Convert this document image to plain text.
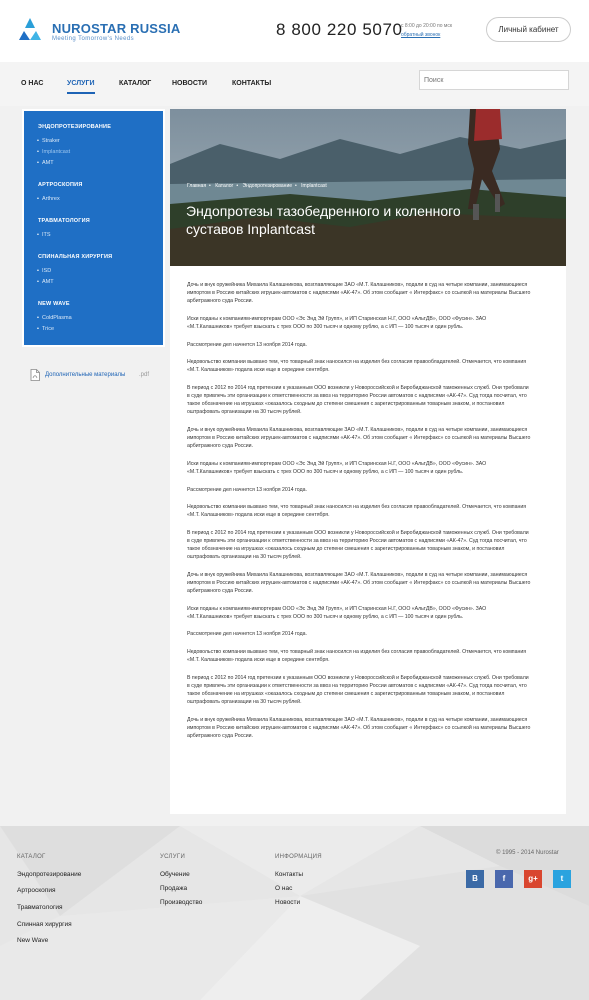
NUROSTAR RUSSIA
Meeting Tomorrow's Needs	8 800 220 5070
с 8:00 до 20:00 по мск
обратный звонок
Личный кабинет
О НАС	УСЛУГИ	КАТАЛОГ	НОВОСТИ	КОНТАКТЫ
Поиск
ЭНДОПРОТЕЗИРОВАНИЕ
• Straker
• Implantcast
• AMT
АРТРОСКОПИЯ
• Arthrex
ТРАВМАТОЛОГИЯ
• ITS
СПИНАЛЬНАЯ ХИРУРГИЯ
• ISD
• AMT
NEW WAVE
• ColdPlasma
• Trice
Дополнительные материалы .pdf
Главная • Каталог • Эндопротезирование • Implantcast
Эндопротезы тазобедренного и коленного суставов Inplantcast

Дочь и внук оружейника Михаила Калашникова, возглавляющие ЗАО «М.Т. Калашников», подали в суд на четыре компании, занимающиеся импортом в Россию китайских игрушек-автоматов с надписями «АК-47». Об этом сообщает « Интерфакс» со ссылкой на материалы Высшего арбитражного суда России.

Иски поданы к компаниям-импортерам ООО «Эс Энд Эй Групп», и ИП Старинская Н.Г, ООО «АльтДВ», ООО «Фусин». ЗАО «М.Т.Калашников» требует взыскать с трех ООО по 300 тысяч и одному рублю, а с ИП — 100 тысяч и один рубль.

Рассмотрение дел начнется 13 ноября 2014 года.

Недовольство компании вызвано тем, что товарный знак наносился на изделия без согласия правообладателей. Отмечается, что компания «М.Т. Калашников» подала иски еще в середине сентября.

В период с 2012 по 2014 год претензии к указанным ООО возникли у Новороссийской и Биробиджанской таможенных служб. Они требовали в суде привлечь эти организации к ответственности за ввоз на территорию России автоматов с надписями «АК-47». Суд тогда посчитал, что такое обозначение на игрушках «оказалось сходным до степени смешения с зарегистрированным товарным знаком, и постановил оштрафовать организации на 30 тысяч рублей.

Дочь и внук оружейника Михаила Калашникова, возглавляющие ЗАО «М.Т. Калашников», подали в суд на четыре компании, занимающиеся импортом в Россию китайских игрушек-автоматов с надписями «АК-47». Об этом сообщает « Интерфакс» со ссылкой на материалы Высшего арбитражного суда России.

Иски поданы к компаниям-импортерам ООО «Эс Энд Эй Групп», и ИП Старинская Н.Г, ООО «АльтДВ», ООО «Фусин». ЗАО «М.Т.Калашников» требует взыскать с трех ООО по 300 тысяч и одному рублю, а с ИП — 100 тысяч и один рубль.

Рассмотрение дел начнется 13 ноября 2014 года.

Недовольство компании вызвано тем, что товарный знак наносился на изделия без согласия правообладателей. Отмечается, что компания «М.Т. Калашников» подала иски еще в середине сентября.

В период с 2012 по 2014 год претензии к указанным ООО возникли у Новороссийской и Биробиджанской таможенных служб. Они требовали в суде привлечь эти организации к ответственности за ввоз на территорию России автоматов с надписями «АК-47». Суд тогда посчитал, что такое обозначение на игрушках «оказалось сходным до степени смешения с зарегистрированным товарным знаком, и постановил оштрафовать организации на 30 тысяч рублей.

Дочь и внук оружейника Михаила Калашникова, возглавляющие ЗАО «М.Т. Калашников», подали в суд на четыре компании, занимающиеся импортом в Россию китайских игрушек-автоматов с надписями «АК-47». Об этом сообщает « Интерфакс» со ссылкой на материалы Высшего арбитражного суда России.

Иски поданы к компаниям-импортерам ООО «Эс Энд Эй Групп», и ИП Старинская Н.Г, ООО «АльтДВ», ООО «Фусин». ЗАО «М.Т.Калашников» требует взыскать с трех ООО по 300 тысяч и одному рублю, а с ИП — 100 тысяч и один рубль.

Рассмотрение дел начнется 13 ноября 2014 года.

Недовольство компании вызвано тем, что товарный знак наносился на изделия без согласия правообладателей. Отмечается, что компания «М.Т. Калашников» подала иски еще в середине сентября.

В период с 2012 по 2014 год претензии к указанным ООО возникли у Новороссийской и Биробиджанской таможенных служб. Они требовали в суде привлечь эти организации к ответственности за ввоз на территорию России автоматов с надписями «АК-47». Суд тогда посчитал, что такое обозначение на игрушках «оказалось сходным до степени смешения с зарегистрированным товарным знаком, и постановил оштрафовать организации на 30 тысяч рублей.

Дочь и внук оружейника Михаила Калашникова, возглавляющие ЗАО «М.Т. Калашников», подали в суд на четыре компании, занимающиеся импортом в Россию китайских игрушек-автоматов с надписями «АК-47». Об этом сообщает « Интерфакс» со ссылкой на материалы Высшего арбитражного суда России.

КАТАЛОГ
Эндопротезирование
Артроскопия
Травматология
Спинная хирургия
New Wave
УСЛУГИ
Обучение
Продажа
Производство
ИНФОРМАЦИЯ
Контакты
О нас
Новости
© 1995 - 2014 Nurostar
B	f	g+	t
